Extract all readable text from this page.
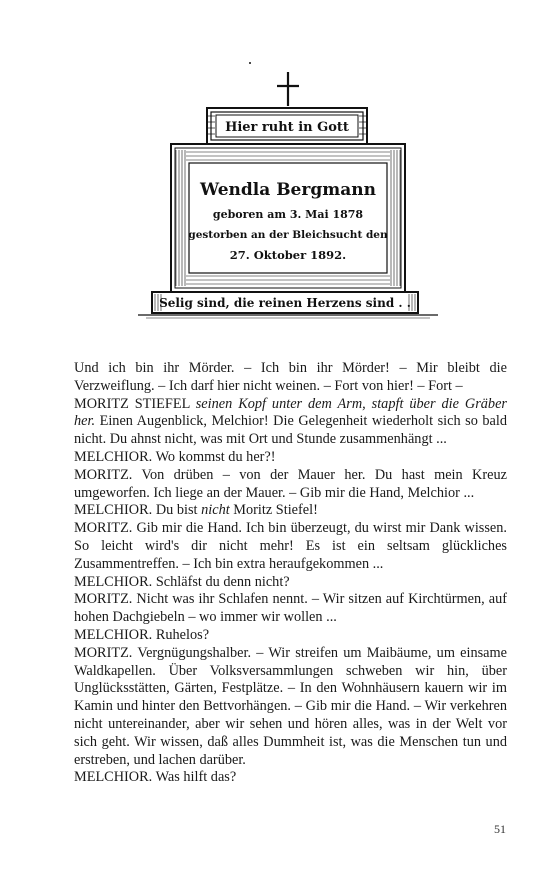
Hier ruht in Gott
Wendla Bergmann
geboren am 3. Mai 1878
gestorben an der Bleichsucht den
27. Oktober 1892.
Selig sind, die reinen Herzens sind . .

Und ich bin ihr Mörder. – Ich bin ihr Mörder! – Mir bleibt die Verzweiflung. – Ich darf hier nicht weinen. – Fort von hier! – Fort –

MORITZ STIEFEL seinen Kopf unter dem Arm, stapft über die Gräber her. Einen Augenblick, Melchior! Die Gelegenheit wiederholt sich so bald nicht. Du ahnst nicht, was mit Ort und Stunde zusammenhängt ...

MELCHIOR. Wo kommst du her?!

MORITZ. Von drüben – von der Mauer her. Du hast mein Kreuz umgeworfen. Ich liege an der Mauer. – Gib mir die Hand, Melchior ...

MELCHIOR. Du bist nicht Moritz Stiefel!

MORITZ. Gib mir die Hand. Ich bin überzeugt, du wirst mir Dank wissen. So leicht wird's dir nicht mehr! Es ist ein seltsam glückliches Zusammentreffen. – Ich bin extra heraufgekommen ...

MELCHIOR. Schläfst du denn nicht?

MORITZ. Nicht was ihr Schlafen nennt. – Wir sitzen auf Kirchtürmen, auf hohen Dachgiebeln – wo immer wir wollen ...

MELCHIOR. Ruhelos?

MORITZ. Vergnügungshalber. – Wir streifen um Maibäume, um einsame Waldkapellen. Über Volksversammlungen schweben wir hin, über Unglücksstätten, Gärten, Festplätze. – In den Wohnhäusern kauern wir im Kamin und hinter den Bettvorhängen. – Gib mir die Hand. – Wir verkehren nicht untereinander, aber wir sehen und hören alles, was in der Welt vor sich geht. Wir wissen, daß alles Dummheit ist, was die Menschen tun und erstreben, und lachen darüber.

MELCHIOR. Was hilft das?

51
